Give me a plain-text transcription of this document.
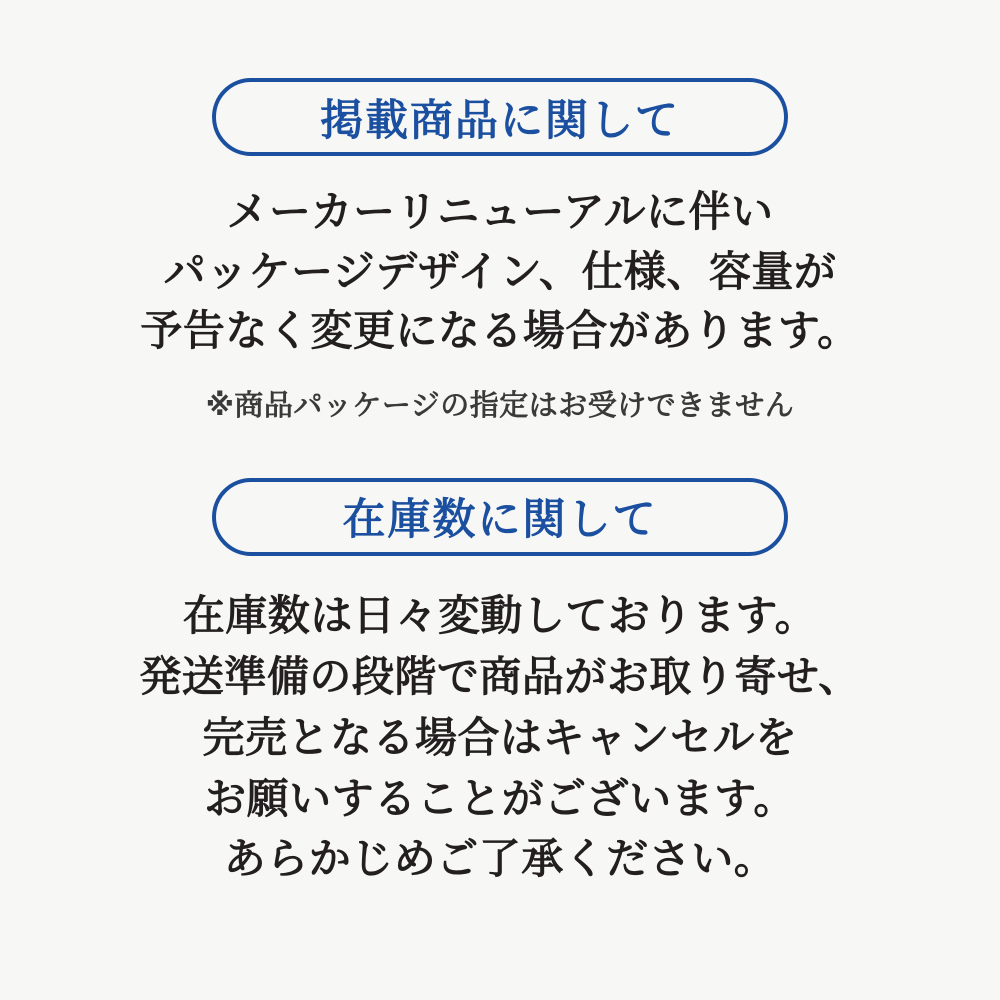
掲載商品に関して
メーカーリニューアルに伴い
パッケージデザイン、仕様、容量が
予告なく変更になる場合があります。
※商品パッケージの指定はお受けできません
在庫数に関して
在庫数は日々変動しております。
発送準備の段階で商品がお取り寄せ、
完売となる場合はキャンセルを
お願いすることがございます。
あらかじめご了承ください。
